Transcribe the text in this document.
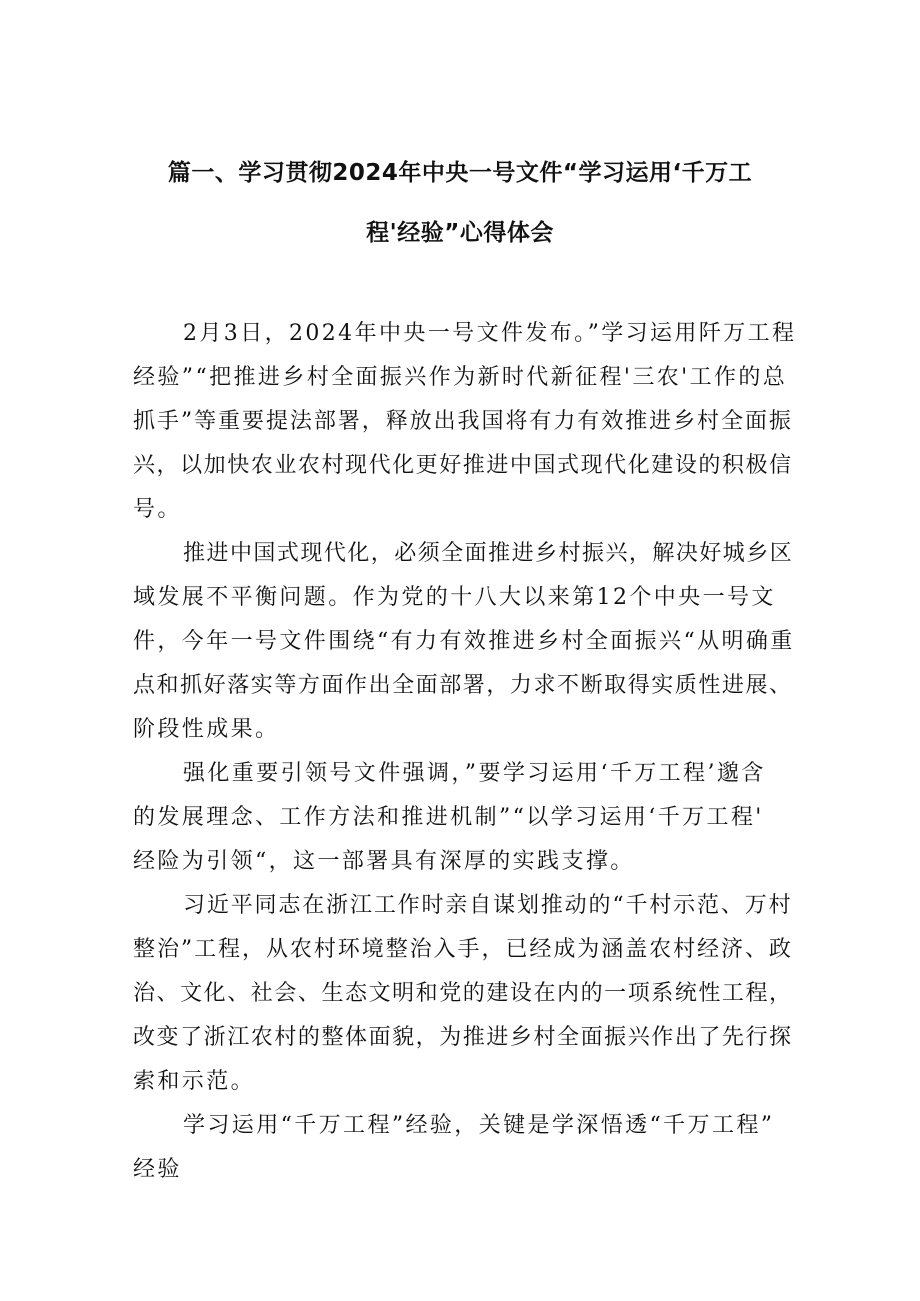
篇一、学习贯彻2024年中央一号文件“学习运用‘千万工
程'经验”心得体会
2月3日，2024年中央一号文件发布。”学习运用阡万工程
经验”“把推进乡村全面振兴作为新时代新征程'三农'工作的总
抓手”等重要提法部署，释放出我国将有力有效推进乡村全面振
兴，以加快农业农村现代化更好推进中国式现代化建设的积极信
号。
推进中国式现代化，必须全面推进乡村振兴，解决好城乡区
域发展不平衡问题。作为党的十八大以来第12个中央一号文
件，今年一号文件围绕“有力有效推进乡村全面振兴“从明确重
点和抓好落实等方面作出全面部署，力求不断取得实质性进展、
阶段性成果。
强化重要引领号文件强调，”要学习运用‘千万工程’邈含
的发展理念、工作方法和推进机制”“以学习运用‘千万工程'
经险为引领“，这一部署具有深厚的实践支撑。
习近平同志在浙江工作时亲自谋划推动的“千村示范、万村
整治”工程，从农村环境整治入手，已经成为涵盖农村经济、政
治、文化、社会、生态文明和党的建设在内的一项系统性工程，
改变了浙江农村的整体面貌，为推进乡村全面振兴作出了先行探
索和示范。
学习运用“千万工程”经验，关键是学深悟透“千万工程”
经验
